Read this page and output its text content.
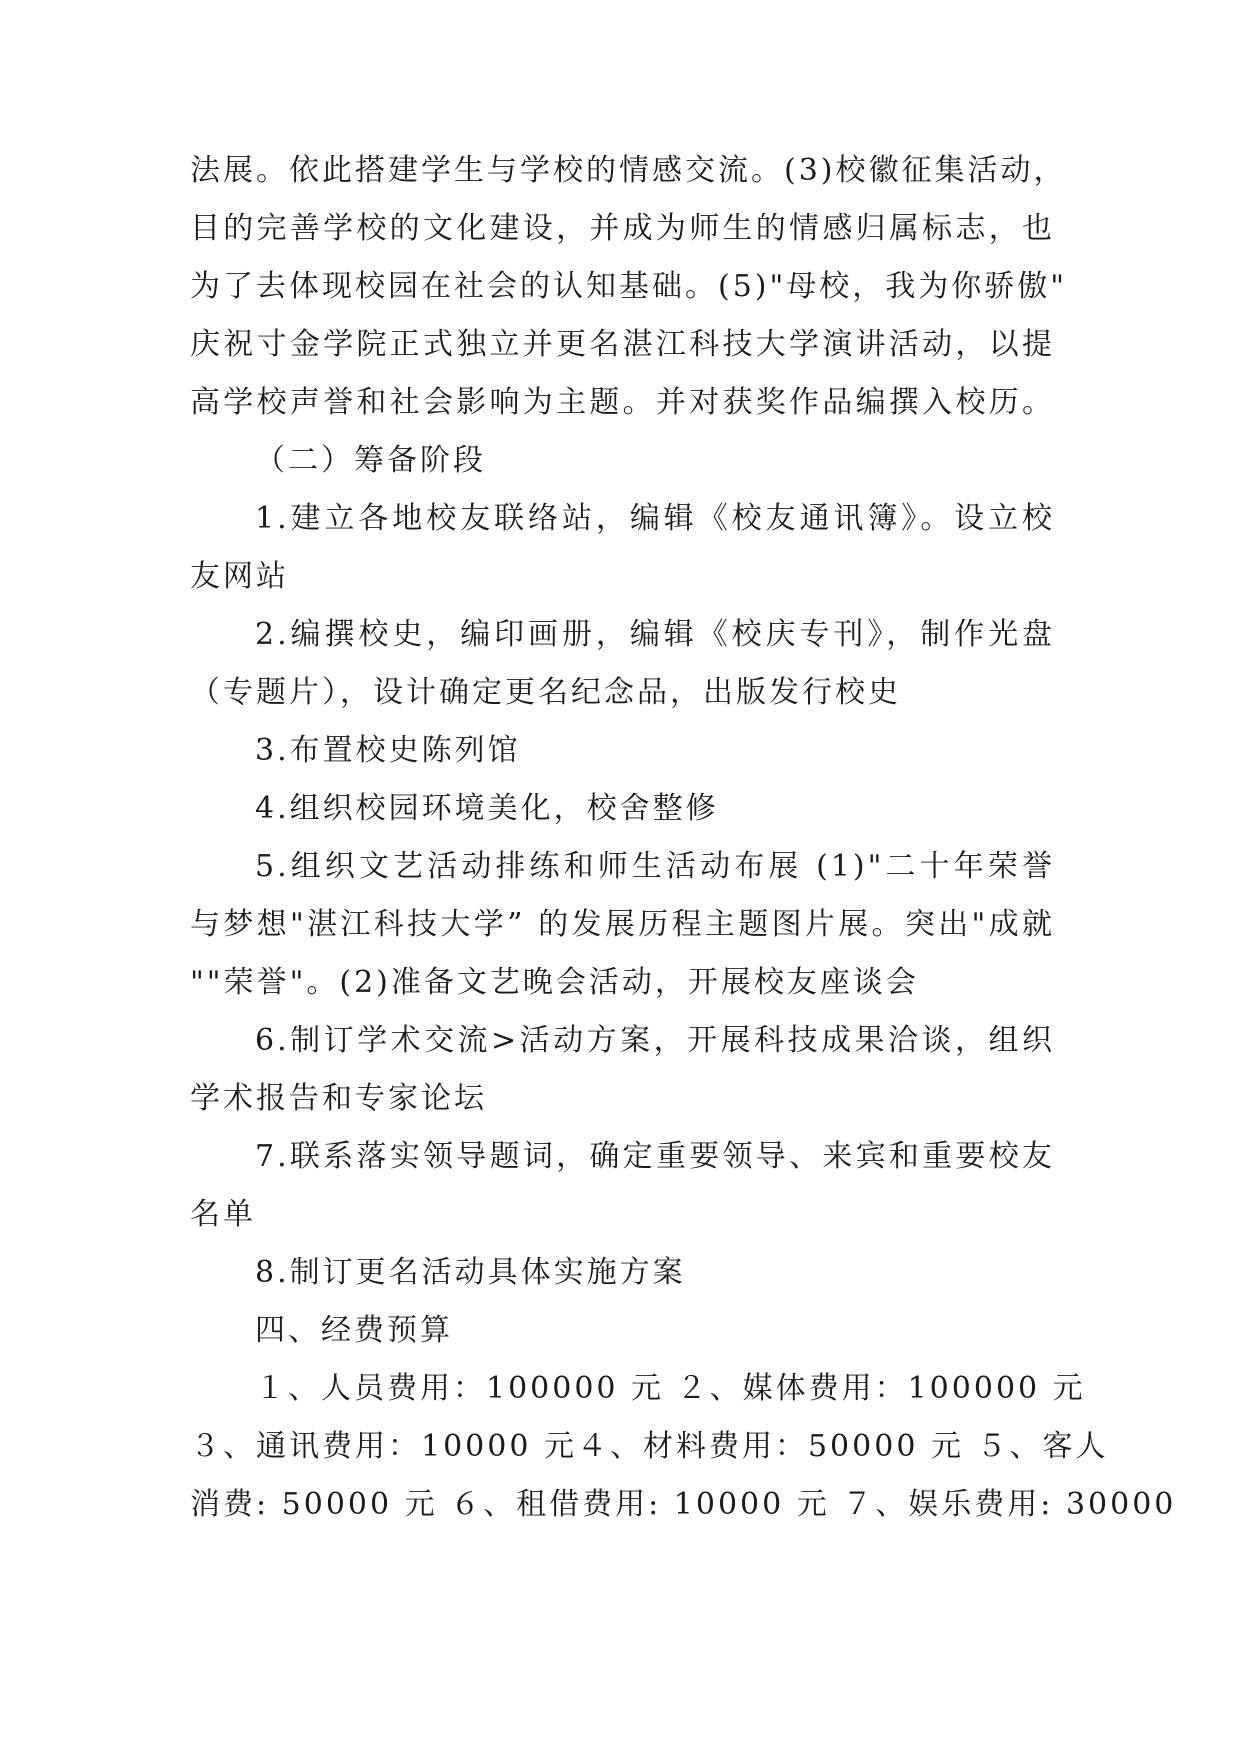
法展。依此搭建学生与学校的情感交流。(3)校徽征集活动，
目的完善学校的文化建设，并成为师生的情感归属标志，也
为了去体现校园在社会的认知基础。(5)"母校，我为你骄傲"
庆祝寸金学院正式独立并更名湛江科技大学演讲活动，以提
高学校声誉和社会影响为主题。并对获奖作品编撰入校历。
（二）筹备阶段
1.建立各地校友联络站，编辑《校友通讯簿》。设立校
友网站
2.编撰校史，编印画册，编辑《校庆专刊》，制作光盘
（专题片），设计确定更名纪念品，出版发行校史
3.布置校史陈列馆
4.组织校园环境美化，校舍整修
5.组织文艺活动排练和师生活动布展 (1)"二十年荣誉
与梦想"湛江科技大学” 的发展历程主题图片展。突出"成就
""荣誉"。(2)准备文艺晚会活动，开展校友座谈会
6.制订学术交流>活动方案，开展科技成果洽谈，组织
学术报告和专家论坛
7.联系落实领导题词，确定重要领导、来宾和重要校友
名单
8.制订更名活动具体实施方案
四、经费预算
１、人员费用：100000 元 ２、媒体费用：100000 元
３、通讯费用：10000 元４、材料费用：50000 元 ５、客人
消费: 50000 元 ６、租借费用: 10000 元 ７、娱乐费用: 30000
